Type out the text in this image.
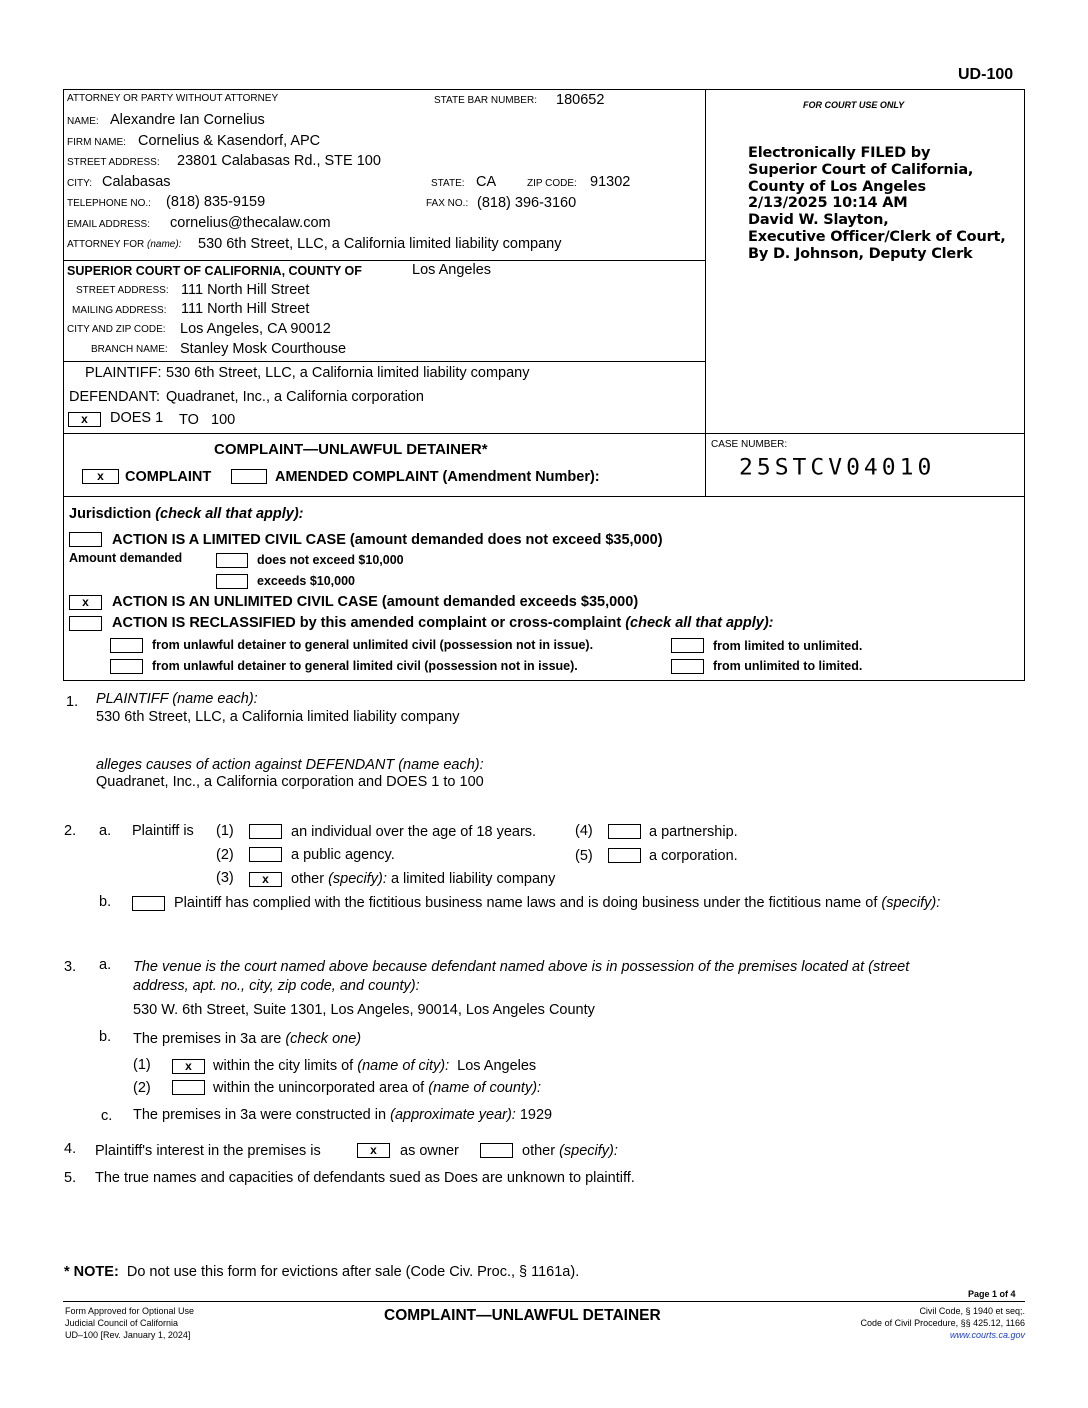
UD-100
ATTORNEY OR PARTY WITHOUT ATTORNEY	STATE BAR NUMBER: 180652
NAME: Alexandre Ian Cornelius
FIRM NAME: Cornelius & Kasendorf, APC
STREET ADDRESS: 23801 Calabasas Rd., STE 100
CITY: Calabasas	STATE: CA	ZIP CODE: 91302
TELEPHONE NO.: (818) 835-9159	FAX NO.: (818) 396-3160
EMAIL ADDRESS: cornelius@thecalaw.com
ATTORNEY FOR (name): 530 6th Street, LLC, a California limited liability company
SUPERIOR COURT OF CALIFORNIA, COUNTY OF	Los Angeles
STREET ADDRESS: 111 North Hill Street
MAILING ADDRESS: 111 North Hill Street
CITY AND ZIP CODE: Los Angeles, CA 90012
BRANCH NAME: Stanley Mosk Courthouse
PLAINTIFF: 530 6th Street, LLC, a California limited liability company
DEFENDANT: Quadranet, Inc., a California corporation
x	DOES 1 TO 100
FOR COURT USE ONLY
Electronically FILED by
Superior Court of California,
County of Los Angeles
2/13/2025 10:14 AM
David W. Slayton,
Executive Officer/Clerk of Court,
By D. Johnson, Deputy Clerk
COMPLAINT—UNLAWFUL DETAINER*
x	COMPLAINT	AMENDED COMPLAINT (Amendment Number):
CASE NUMBER:
25STCV04010
Jurisdiction (check all that apply):
ACTION IS A LIMITED CIVIL CASE (amount demanded does not exceed $35,000)
Amount demanded	does not exceed $10,000
exceeds $10,000
x	ACTION IS AN UNLIMITED CIVIL CASE (amount demanded exceeds $35,000)
ACTION IS RECLASSIFIED by this amended complaint or cross-complaint (check all that apply):
from unlawful detainer to general unlimited civil (possession not in issue).
from unlawful detainer to general limited civil (possession not in issue).
from limited to unlimited.
from unlimited to limited.
1. PLAINTIFF (name each):
530 6th Street, LLC, a California limited liability company
alleges causes of action against DEFENDANT (name each):
Quadranet, Inc., a California corporation and DOES 1 to 100
2. a. Plaintiff is (1)	an individual over the age of 18 years.
(2)	a public agency.
(3)	x	other (specify): a limited liability company
(4)	a partnership.
(5)	a corporation.
b.	Plaintiff has complied with the fictitious business name laws and is doing business under the fictitious name of (specify):
3. a. The venue is the court named above because defendant named above is in possession of the premises located at (street
address, apt. no., city, zip code, and county):
530 W. 6th Street, Suite 1301, Los Angeles, 90014, Los Angeles County
b. The premises in 3a are (check one)
(1)	x	within the city limits of (name of city): Los Angeles
(2)	within the unincorporated area of (name of county):
c. The premises in 3a were constructed in (approximate year): 1929
4. Plaintiff's interest in the premises is	x	as owner	other (specify):
5. The true names and capacities of defendants sued as Does are unknown to plaintiff.
* NOTE: Do not use this form for evictions after sale (Code Civ. Proc., § 1161a).
Page 1 of 4
Form Approved for Optional Use
Judicial Council of California
UD–100 [Rev. January 1, 2024]
COMPLAINT—UNLAWFUL DETAINER	Civil Code, § 1940 et seq;.
Code of Civil Procedure, §§ 425.12, 1166
www.courts.ca.gov
